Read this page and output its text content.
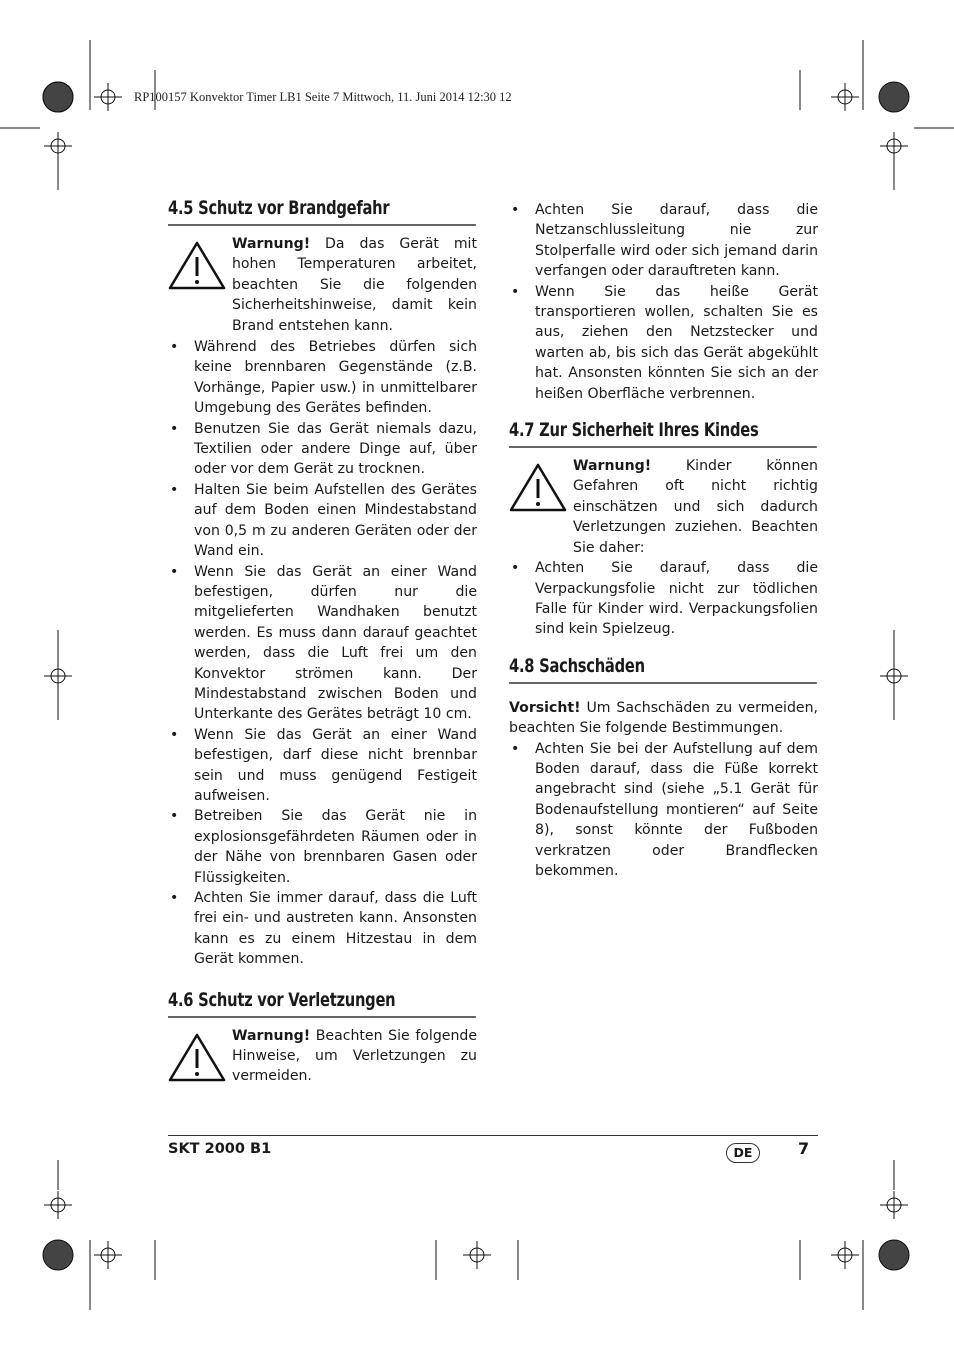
RP100157 Konvektor Timer LB1 Seite 7 Mittwoch, 11. Juni 2014 12:30 12
4.5 Schutz vor Brandgefahr

Warnung! Da das Gerät mit hohen Temperaturen arbeitet, beachten Sie die folgenden Sicherheitshinweise, damit kein Brand entstehen kann.

• Während des Betriebes dürfen sich keine brennbaren Gegenstände (z.B. Vorhänge, Papier usw.) in unmittelbarer Umgebung des Gerätes befinden.
• Benutzen Sie das Gerät niemals dazu, Textilien oder andere Dinge auf, über oder vor dem Gerät zu trocknen.
• Halten Sie beim Aufstellen des Gerätes auf dem Boden einen Mindestabstand von 0,5 m zu anderen Geräten oder der Wand ein.
• Wenn Sie das Gerät an einer Wand befestigen, dürfen nur die mitgelieferten Wandhaken benutzt werden. Es muss dann darauf geachtet werden, dass die Luft frei um den Konvektor strömen kann. Der Mindestabstand zwischen Boden und Unterkante des Gerätes beträgt 10 cm.
• Wenn Sie das Gerät an einer Wand befestigen, darf diese nicht brennbar sein und muss genügend Festigeit aufweisen.
• Betreiben Sie das Gerät nie in explosionsgefährdeten Räumen oder in der Nähe von brennbaren Gasen oder Flüssigkeiten.
• Achten Sie immer darauf, dass die Luft frei ein- und austreten kann. Ansonsten kann es zu einem Hitzestau in dem Gerät kommen.
4.6 Schutz vor Verletzungen

Warnung! Beachten Sie folgende Hinweise, um Verletzungen zu vermeiden.

• Achten Sie darauf, dass die Netzanschlussleitung nie zur Stolperfalle wird oder sich jemand darin verfangen oder darauftreten kann.
• Wenn Sie das heiße Gerät transportieren wollen, schalten Sie es aus, ziehen den Netzstecker und warten ab, bis sich das Gerät abgekühlt hat. Ansonsten könnten Sie sich an der heißen Oberfläche verbrennen.
4.7 Zur Sicherheit Ihres Kindes

Warnung! Kinder können Gefahren oft nicht richtig einschätzen und sich dadurch Verletzungen zuziehen. Beachten Sie daher:

• Achten Sie darauf, dass die Verpackungsfolie nicht zur tödlichen Falle für Kinder wird. Verpackungsfolien sind kein Spielzeug.
4.8 Sachschäden

Vorsicht! Um Sachschäden zu vermeiden, beachten Sie folgende Bestimmungen.

• Achten Sie bei der Aufstellung auf dem Boden darauf, dass die Füße korrekt angebracht sind (siehe „5.1 Gerät für Bodenaufstellung montieren“ auf Seite 8), sonst könnte der Fußboden verkratzen oder Brandflecken bekommen.
SKT 2000 B1	DE	7
